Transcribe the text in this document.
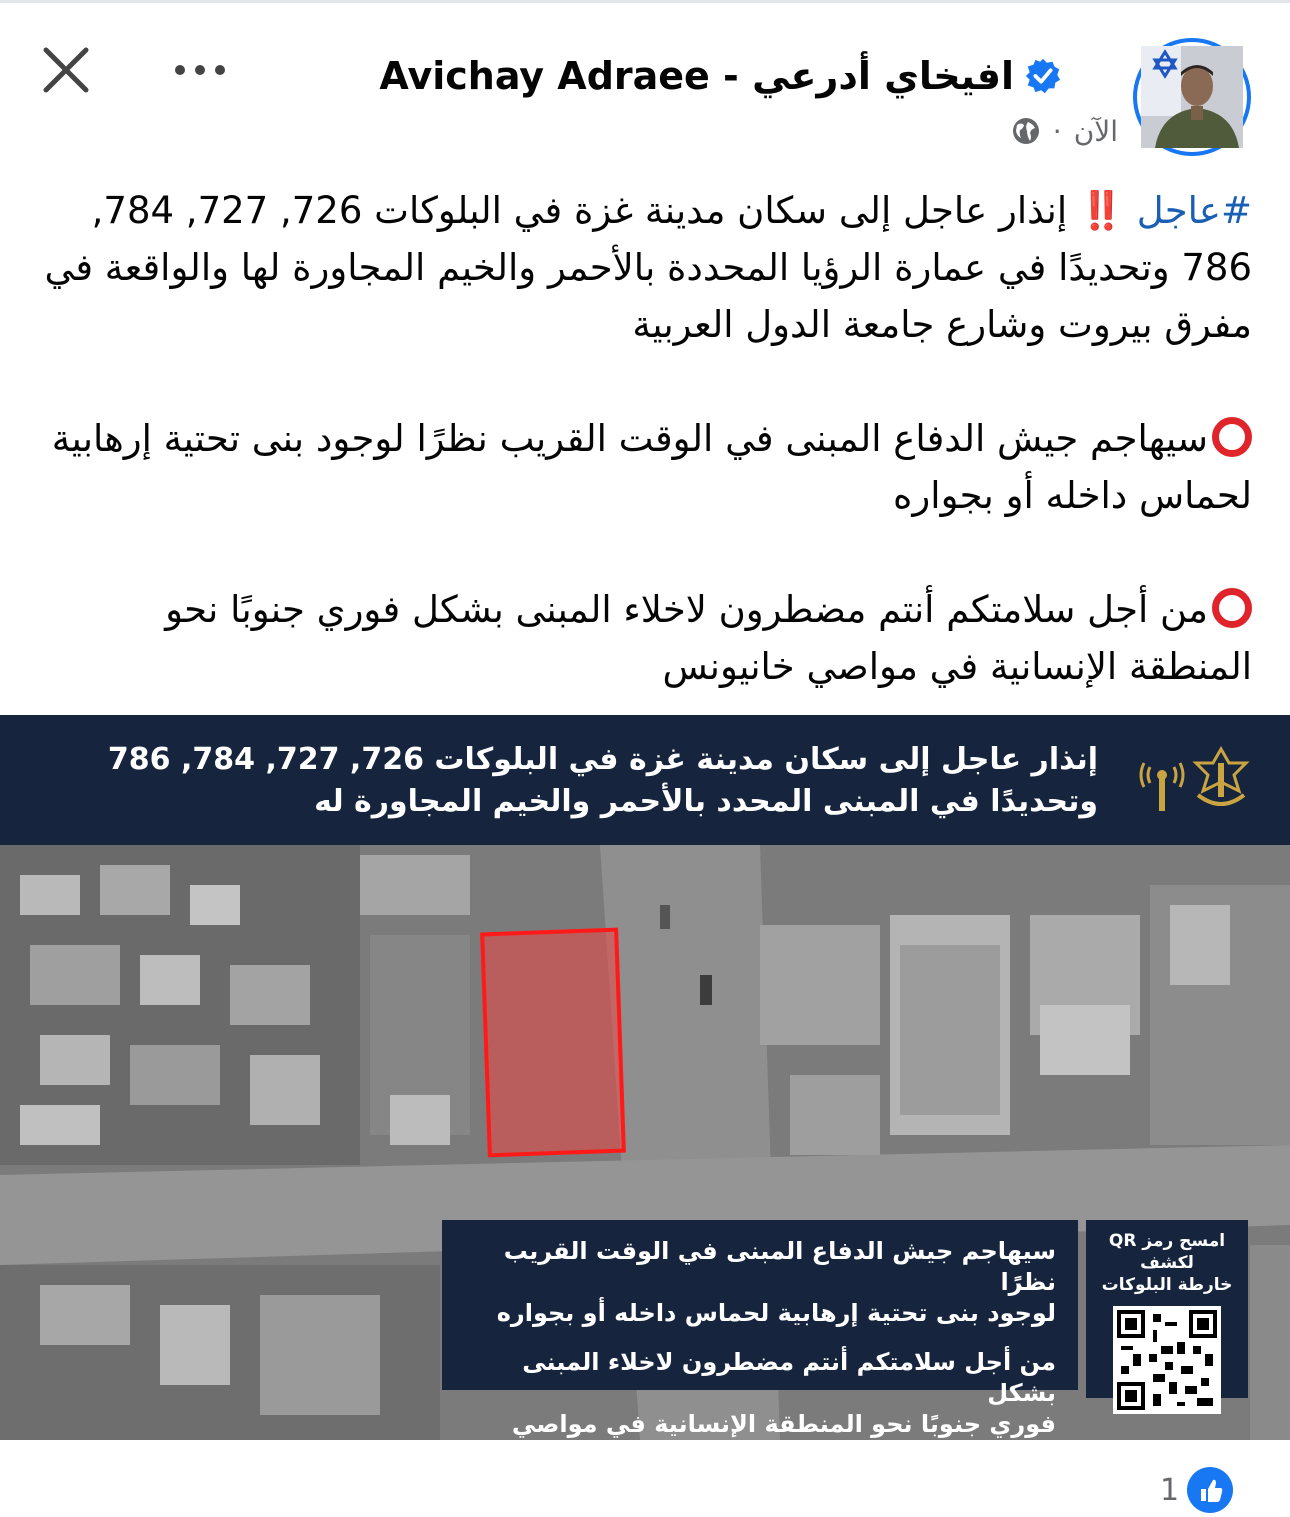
Avichay Adraee - افيخاي أدرعي
الآن
·

#عاجل ‼️ إنذار عاجل إلى سكان مدينة غزة في البلوكات 726, 727, 784, 786 وتحديدًا في عمارة الرؤيا المحددة بالأحمر والخيم المجاورة لها والواقعة في مفرق بيروت وشارع جامعة الدول العربية

سيهاجم جيش الدفاع المبنى في الوقت القريب نظرًا لوجود بنى تحتية إرهابية لحماس داخله أو بجواره

من أجل سلامتكم أنتم مضطرون لاخلاء المبنى بشكل فوري جنوبًا نحو المنطقة الإنسانية في مواصي خانيونس

إنذار عاجل إلى سكان مدينة غزة في البلوكات 726, 727, 784, 786
وتحديدًا في المبنى المحدد بالأحمر والخيم المجاورة له

سيهاجم جيش الدفاع المبنى في الوقت القريب نظرًا

لوجود بنى تحتية إرهابية لحماس داخله أو بجواره

من أجل سلامتكم أنتم مضطرون لاخلاء المبنى بشكل

فوري جنوبًا نحو المنطقة الإنسانية في مواصي خانيونس

امسح رمز QR لكشف
خارطة البلوكات
1
